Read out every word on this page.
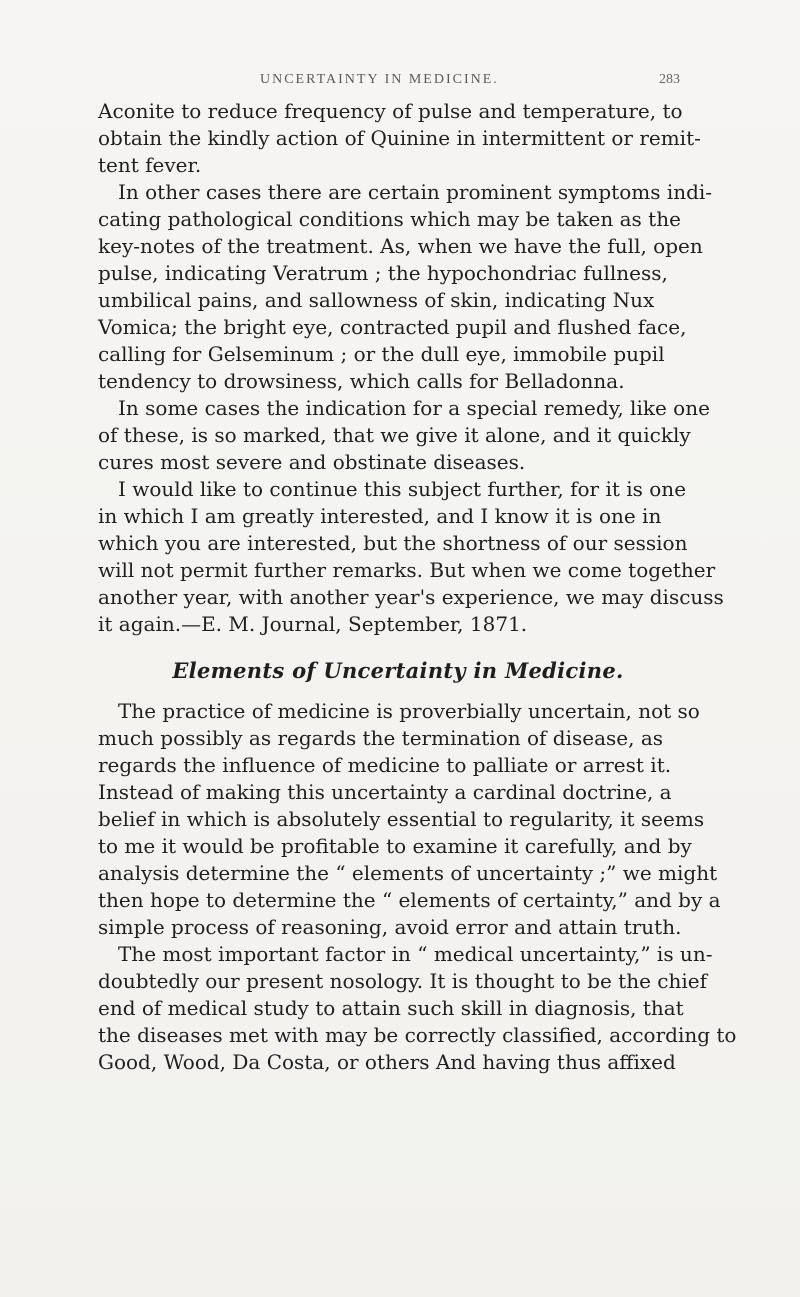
UNCERTAINTY IN MEDICINE.	283
Aconite to reduce frequency of pulse and temperature, to
obtain the kindly action of Quinine in intermittent or remit-
tent fever.
In other cases there are certain prominent symptoms indi-
cating pathological conditions which may be taken as the
key-notes of the treatment. As, when we have the full, open
pulse, indicating Veratrum ; the hypochondriac fullness,
umbilical pains, and sallowness of skin, indicating Nux
Vomica; the bright eye, contracted pupil and flushed face,
calling for Gelseminum ; or the dull eye, immobile pupil
tendency to drowsiness, which calls for Belladonna.
In some cases the indication for a special remedy, like one
of these, is so marked, that we give it alone, and it quickly
cures most severe and obstinate diseases.
I would like to continue this subject further, for it is one
in which I am greatly interested, and I know it is one in
which you are interested, but the shortness of our session
will not permit further remarks. But when we come together
another year, with another year's experience, we may discuss
it again.—E. M. Journal, September, 1871.
Elements of Uncertainty in Medicine.
The practice of medicine is proverbially uncertain, not so
much possibly as regards the termination of disease, as
regards the influence of medicine to palliate or arrest it.
Instead of making this uncertainty a cardinal doctrine, a
belief in which is absolutely essential to regularity, it seems
to me it would be profitable to examine it carefully, and by
analysis determine the “ elements of uncertainty ;” we might
then hope to determine the “ elements of certainty,” and by a
simple process of reasoning, avoid error and attain truth.
The most important factor in “ medical uncertainty,” is un-
doubtedly our present nosology. It is thought to be the chief
end of medical study to attain such skill in diagnosis, that
the diseases met with may be correctly classified, according to
Good, Wood, Da Costa, or others And having thus affixed
